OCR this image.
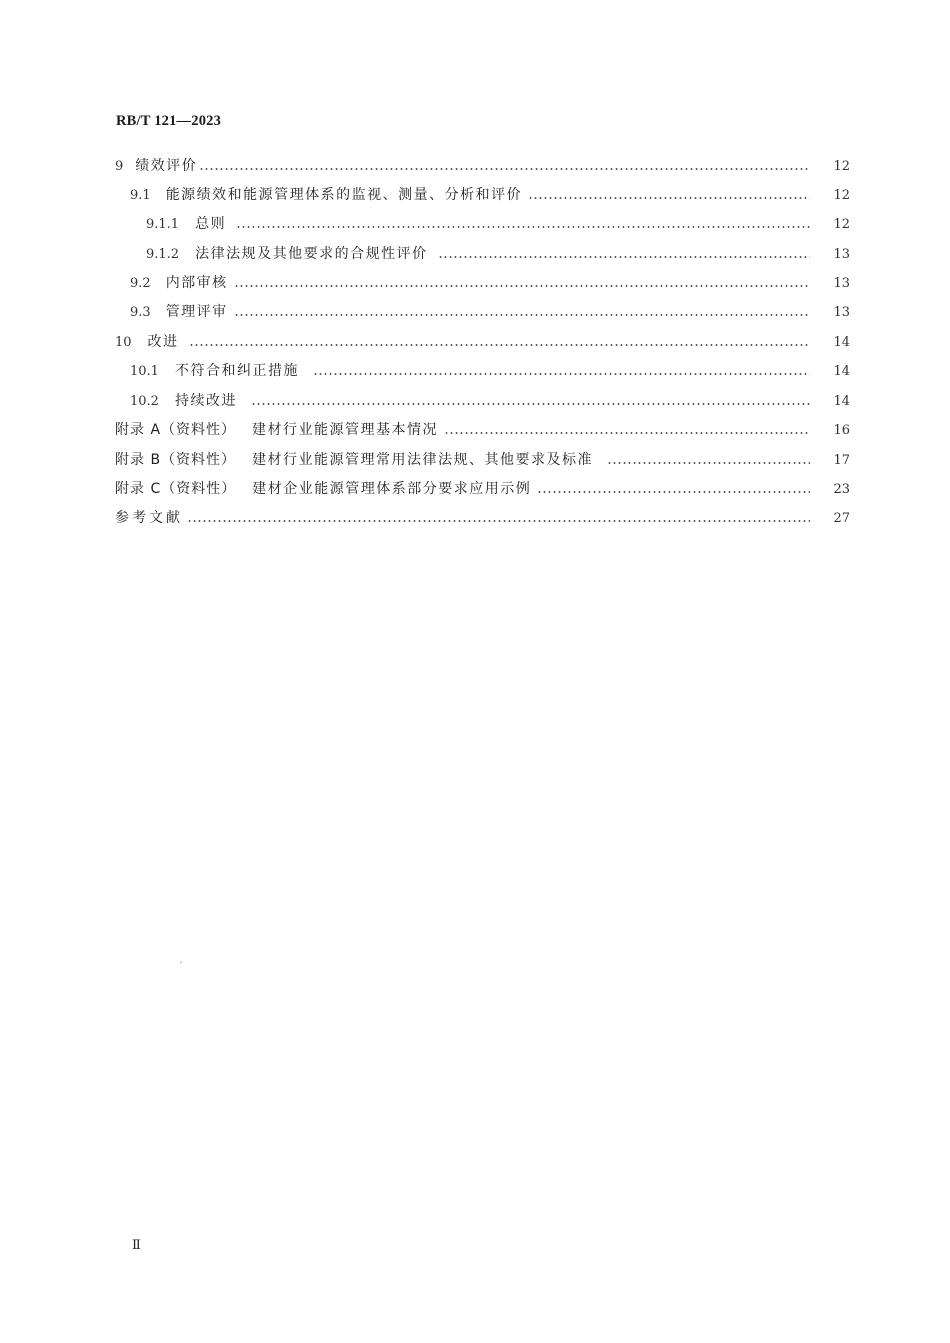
RB/T 121—2023
9 绩效评价	12
9.1 能源绩效和能源管理体系的监视、测量、分析和评价	12
9.1.1 总则	12
9.1.2 法律法规及其他要求的合规性评价	13
9.2 内部审核	13
9.3 管理评审	13
10 改进	14
10.1 不符合和纠正措施	14
10.2 持续改进	14
附录 A（资料性） 建材行业能源管理基本情况	16
附录 B（资料性） 建材行业能源管理常用法律法规、其他要求及标准	17
附录 C（资料性） 建材企业能源管理体系部分要求应用示例	23
参考文献	27
ˊ
Ⅱ
